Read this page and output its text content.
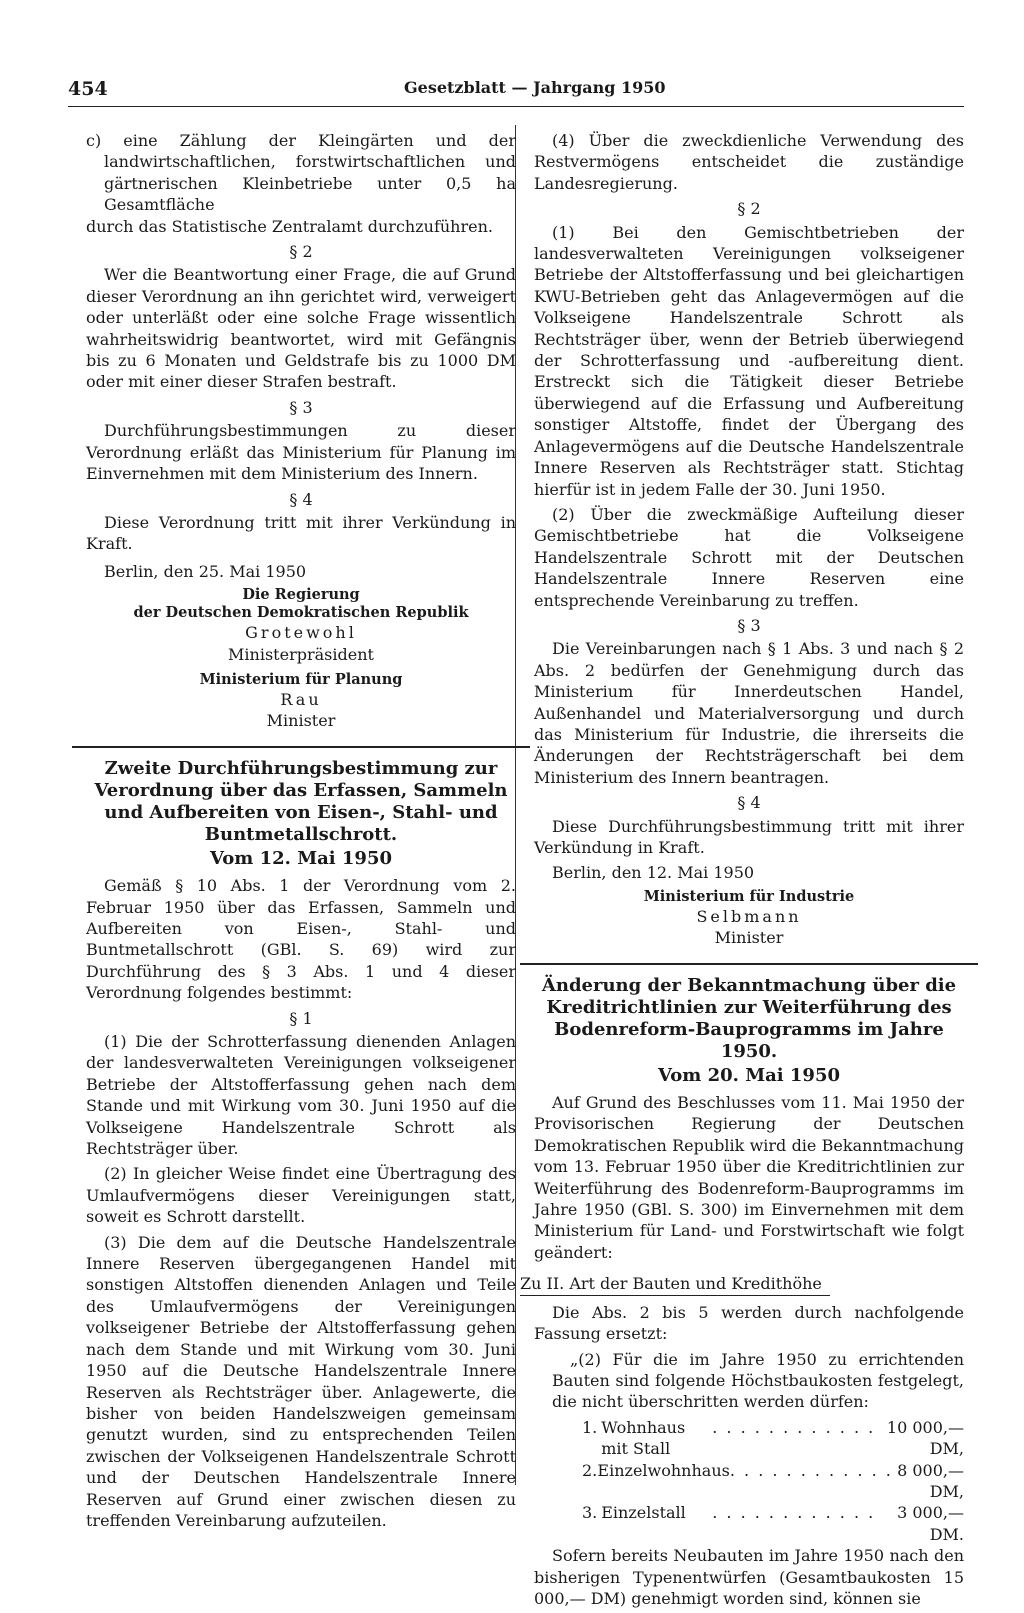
454	Gesetzblatt — Jahrgang 1950

c) eine Zählung der Kleingärten und der landwirtschaftlichen, forstwirtschaftlichen und gärtnerischen Kleinbetriebe unter 0,5 ha Gesamtfläche

durch das Statistische Zentralamt durchzuführen.

§ 2

Wer die Beantwortung einer Frage, die auf Grund dieser Verordnung an ihn gerichtet wird, verweigert oder unterläßt oder eine solche Frage wissentlich wahrheitswidrig beantwortet, wird mit Gefängnis bis zu 6 Monaten und Geldstrafe bis zu 1000 DM oder mit einer dieser Strafen bestraft.

§ 3

Durchführungsbestimmungen zu dieser Verordnung erläßt das Ministerium für Planung im Einvernehmen mit dem Ministerium des Innern.

§ 4

Diese Verordnung tritt mit ihrer Verkündung in Kraft.

Berlin, den 25. Mai 1950

Die Regierung
der Deutschen Demokratischen Republik
Grotewohl
Ministerpräsident
Ministerium für Planung
Rau
Minister
Zweite Durchführungsbestimmung zur Verordnung über das Erfassen, Sammeln und Aufbereiten von Eisen-, Stahl- und Buntmetallschrott.
Vom 12. Mai 1950

Gemäß § 10 Abs. 1 der Verordnung vom 2. Februar 1950 über das Erfassen, Sammeln und Aufbereiten von Eisen-, Stahl- und Buntmetallschrott (GBl. S. 69) wird zur Durchführung des § 3 Abs. 1 und 4 dieser Verordnung folgendes bestimmt:

§ 1

(1) Die der Schrotterfassung dienenden Anlagen der landesverwalteten Vereinigungen volkseigener Betriebe der Altstofferfassung gehen nach dem Stande und mit Wirkung vom 30. Juni 1950 auf die Volkseigene Handelszentrale Schrott als Rechtsträger über.

(2) In gleicher Weise findet eine Übertragung des Umlaufvermögens dieser Vereinigungen statt, soweit es Schrott darstellt.

(3) Die dem auf die Deutsche Handelszentrale Innere Reserven übergegangenen Handel mit sonstigen Altstoffen dienenden Anlagen und Teile des Umlaufvermögens der Vereinigungen volkseigener Betriebe der Altstofferfassung gehen nach dem Stande und mit Wirkung vom 30. Juni 1950 auf die Deutsche Handelszentrale Innere Reserven als Rechtsträger über. Anlagewerte, die bisher von beiden Handelszweigen gemeinsam genutzt wurden, sind zu entsprechenden Teilen zwischen der Volkseigenen Handelszentrale Schrott und der Deutschen Handelszentrale Innere Reserven auf Grund einer zwischen diesen zu treffenden Vereinbarung aufzuteilen.

(4) Über die zweckdienliche Verwendung des Restvermögens entscheidet die zuständige Landesregierung.

§ 2

(1) Bei den Gemischtbetrieben der landesverwalteten Vereinigungen volkseigener Betriebe der Altstofferfassung und bei gleichartigen KWU-Betrieben geht das Anlagevermögen auf die Volkseigene Handelszentrale Schrott als Rechtsträger über, wenn der Betrieb überwiegend der Schrotterfassung und -aufbereitung dient. Erstreckt sich die Tätigkeit dieser Betriebe überwiegend auf die Erfassung und Aufbereitung sonstiger Altstoffe, findet der Übergang des Anlagevermögens auf die Deutsche Handelszentrale Innere Reserven als Rechtsträger statt. Stichtag hierfür ist in jedem Falle der 30. Juni 1950.

(2) Über die zweckmäßige Aufteilung dieser Gemischtbetriebe hat die Volkseigene Handelszentrale Schrott mit der Deutschen Handelszentrale Innere Reserven eine entsprechende Vereinbarung zu treffen.

§ 3

Die Vereinbarungen nach § 1 Abs. 3 und nach § 2 Abs. 2 bedürfen der Genehmigung durch das Ministerium für Innerdeutschen Handel, Außenhandel und Materialversorgung und durch das Ministerium für Industrie, die ihrerseits die Änderungen der Rechtsträgerschaft bei dem Ministerium des Innern beantragen.

§ 4

Diese Durchführungsbestimmung tritt mit ihrer Verkündung in Kraft.

Berlin, den 12. Mai 1950

Ministerium für Industrie
Selbmann
Minister
Änderung der Bekanntmachung über die Kreditrichtlinien zur Weiterführung des Bodenreform-Bauprogramms im Jahre 1950.
Vom 20. Mai 1950

Auf Grund des Beschlusses vom 11. Mai 1950 der Provisorischen Regierung der Deutschen Demokratischen Republik wird die Bekanntmachung vom 13. Februar 1950 über die Kreditrichtlinien zur Weiterführung des Bodenreform-Bauprogramms im Jahre 1950 (GBl. S. 300) im Einvernehmen mit dem Ministerium für Land- und Forstwirtschaft wie folgt geändert:

Zu II. Art der Bauten und Kredithöhe

Die Abs. 2 bis 5 werden durch nachfolgende Fassung ersetzt:

„(2) Für die im Jahre 1950 zu errichtenden Bauten sind folgende Höchstbaukosten festgelegt, die nicht überschritten werden dürfen:

1. Wohnhaus mit Stall
. . . . . . . . . . . . 10 000,— DM,
2. Einzelwohnhaus . . . . . . . . . . . . 8 000,— DM,
3. Einzelstall	. . . . . . . . . . . .	3 000,— DM.

Sofern bereits Neubauten im Jahre 1950 nach den bisherigen Typenentwürfen (Gesamtbaukosten 15 000,— DM) genehmigt worden sind, können sie
